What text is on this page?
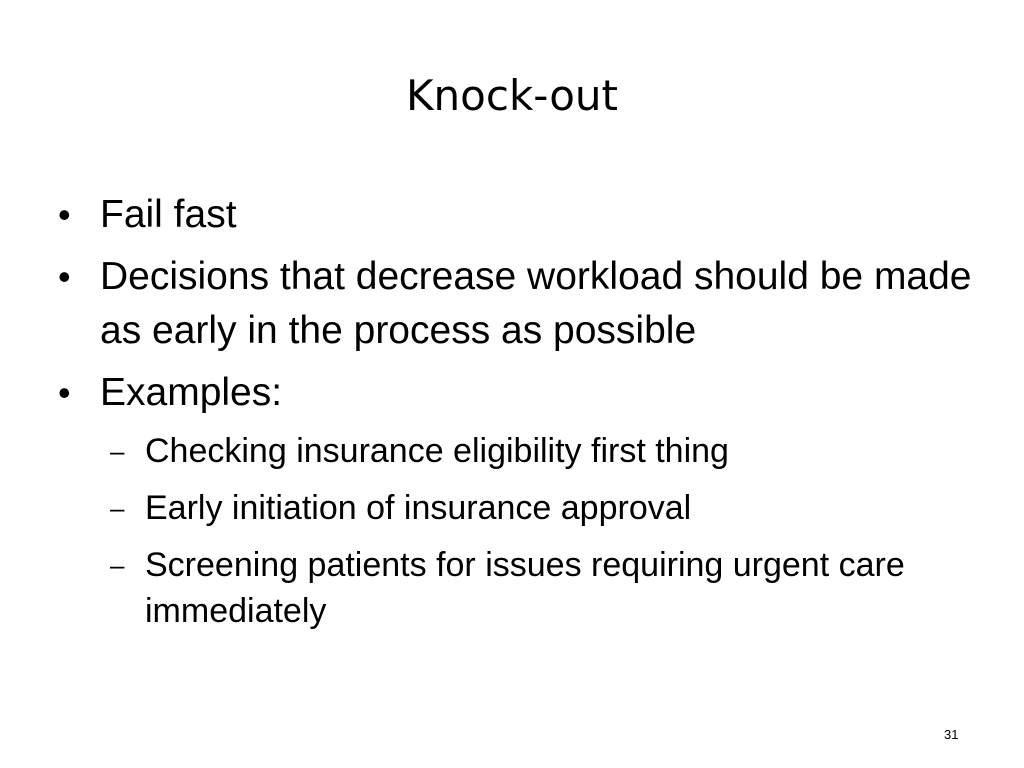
Knock-out
• Fail fast
• Decisions that decrease workload should be made as early in the process as possible
• Examples:
– Checking insurance eligibility first thing
– Early initiation of insurance approval
– Screening patients for issues requiring urgent care immediately
31
